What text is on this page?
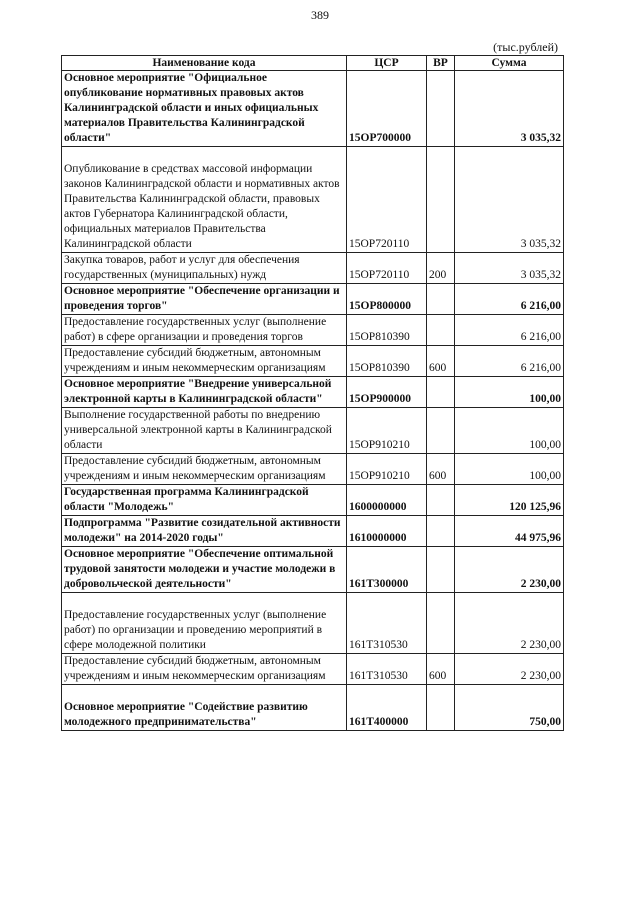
389
(тыс.рублей)
Наименование кода	ЦСР	ВР	Сумма
Основное мероприятие "Официальное опубликование нормативных правовых актов Калининградской области и иных официальных материалов Правительства Калининградской области"	15ОР700000		3 035,32
Опубликование в средствах массовой информации законов Калининградской области и нормативных актов Правительства Калининградской области, правовых актов Губернатора Калининградской области, официальных материалов Правительства Калининградской области	15ОР720110		3 035,32
Закупка товаров, работ и услуг для обеспечения государственных (муниципальных) нужд	15ОР720110	200	3 035,32
Основное мероприятие "Обеспечение организации и проведения торгов"	15ОР800000		6 216,00
Предоставление государственных услуг (выполнение работ) в сфере организации и проведения торгов	15ОР810390		6 216,00
Предоставление субсидий бюджетным, автономным учреждениям и иным некоммерческим организациям	15ОР810390	600	6 216,00
Основное мероприятие "Внедрение универсальной электронной карты в Калининградской области"	15ОР900000		100,00
Выполнение государственной работы по внедрению универсальной электронной карты в Калининградской области	15ОР910210		100,00
Предоставление субсидий бюджетным, автономным учреждениям и иным некоммерческим организациям	15ОР910210	600	100,00
Государственная программа Калининградской области "Молодежь"	1600000000		120 125,96
Подпрограмма "Развитие созидательной активности молодежи" на 2014-2020 годы"	1610000000		44 975,96
Основное мероприятие "Обеспечение оптимальной трудовой занятости молодежи и участие молодежи в добровольческой деятельности"	161Т300000		2 230,00
Предоставление государственных услуг (выполнение работ) по организации и проведению мероприятий в сфере молодежной политики	161Т310530		2 230,00
Предоставление субсидий бюджетным, автономным учреждениям и иным некоммерческим организациям	161Т310530	600	2 230,00
Основное мероприятие "Содействие развитию молодежного предпринимательства"	161Т400000		750,00
